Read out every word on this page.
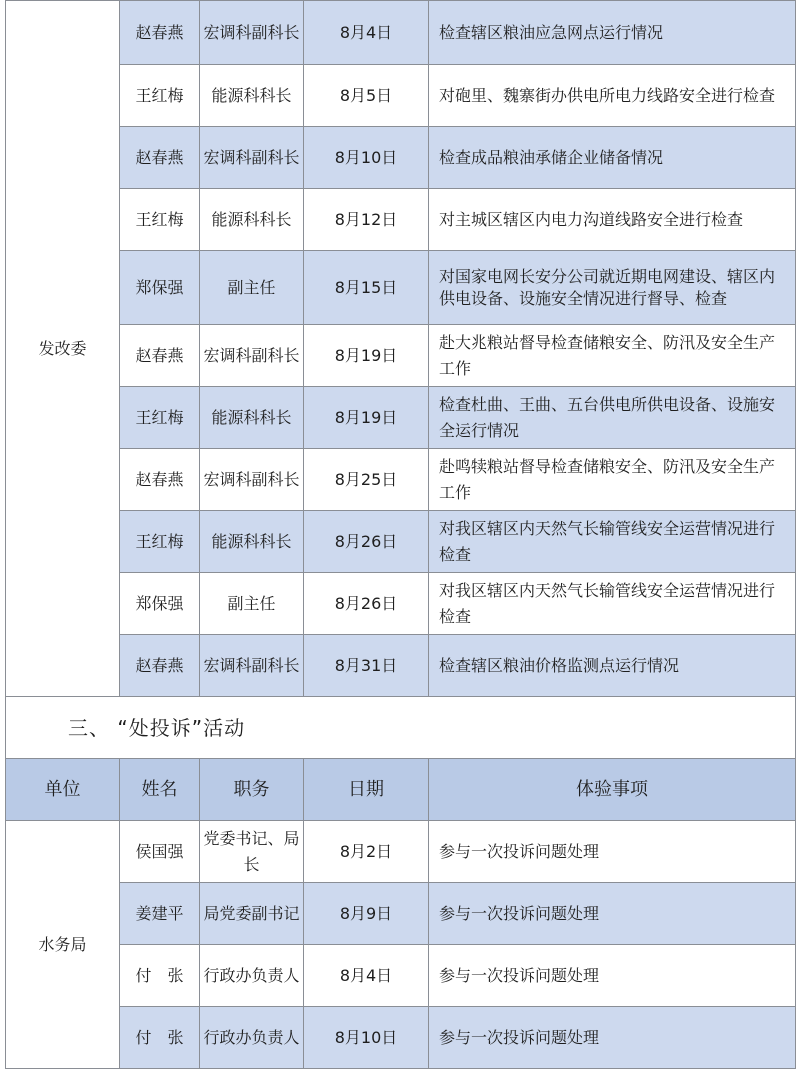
发改委	赵春燕	宏调科副科长	8月4日	检查辖区粮油应急网点运行情况
	王红梅	能源科科长	8月5日	对砲里、魏寨街办供电所电力线路安全进行检查
	赵春燕	宏调科副科长	8月10日	检查成品粮油承储企业储备情况
	王红梅	能源科科长	8月12日	对主城区辖区内电力沟道线路安全进行检查
	郑保强	副主任	8月15日	对国家电网长安分公司就近期电网建设、辖区内供电设备、设施安全情况进行督导、检查
	赵春燕	宏调科副科长	8月19日	赴大兆粮站督导检查储粮安全、防汛及安全生产工作
	王红梅	能源科科长	8月19日	检查杜曲、王曲、五台供电所供电设备、设施安全运行情况
	赵春燕	宏调科副科长	8月25日	赴鸣犊粮站督导检查储粮安全、防汛及安全生产工作
	王红梅	能源科科长	8月26日	对我区辖区内天然气长输管线安全运营情况进行检查
	郑保强	副主任	8月26日	对我区辖区内天然气长输管线安全运营情况进行检查
	赵春燕	宏调科副科长	8月31日	检查辖区粮油价格监测点运行情况

三、 “处投诉”活动				

单位	姓名	职务	日期	体验事项
水务局	侯国强	党委书记、局长	8月2日	参与一次投诉问题处理
	姜建平	局党委副书记	8月9日	参与一次投诉问题处理
	付　张	行政办负责人	8月4日	参与一次投诉问题处理
	付　张	行政办负责人	8月10日	参与一次投诉问题处理
